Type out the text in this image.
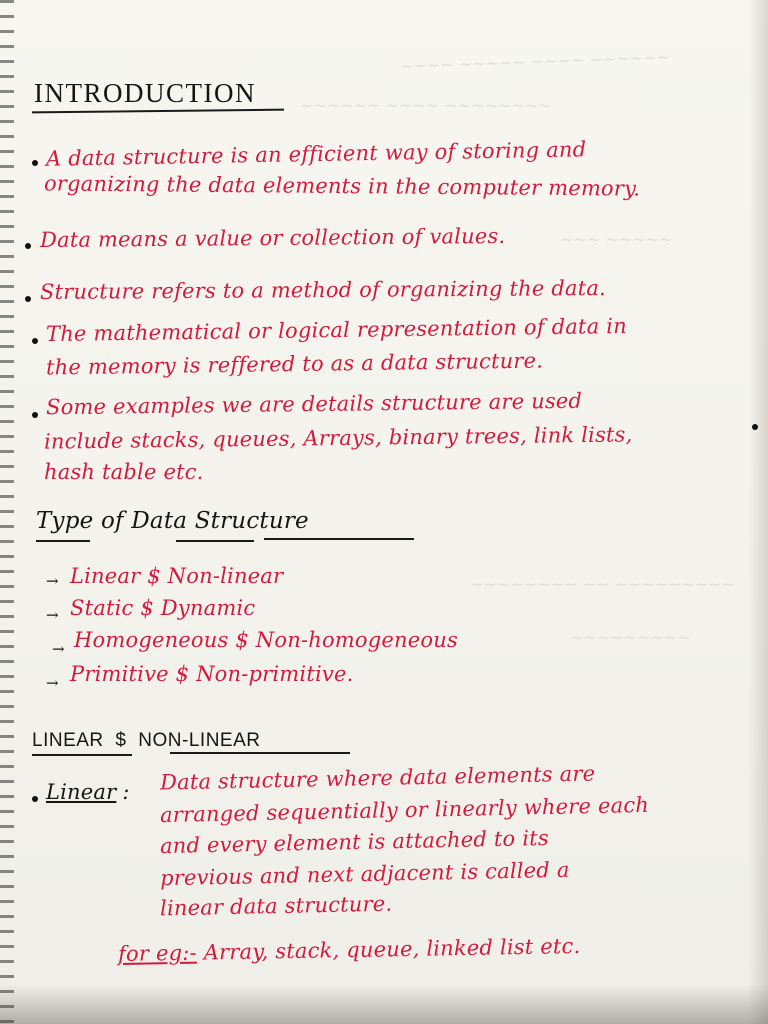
~~~~ ~~~~~ ~~~~ ~~~~~~
~~~~~~ ~~~~ ~~~~~~~~
~~~ ~~~~~
~~~~~~~~ ~~ ~~~~~~~~~
~~~~~~~~~
INTRODUCTION
A data structure is an efficient way of storing and
organizing the data elements in the computer memory.
Data means a value or collection of values.
Structure refers to a method of organizing the data.
The mathematical or logical representation of data in
the memory is reffered to as a data structure.
Some examples we are details structure are used
include stacks, queues, Arrays, binary trees, link lists,
hash table etc.
Type of Data Structure
→ Linear $ Non-linear
→ Static $ Dynamic
→ Homogeneous $ Non-homogeneous
→ Primitive $ Non-primitive.
LINEAR $ NON-LINEAR
Linear : Data structure where data elements are
arranged sequentially or linearly where each
and every element is attached to its
previous and next adjacent is called a
linear data structure.
for eg:- Array, stack, queue, linked list etc.
